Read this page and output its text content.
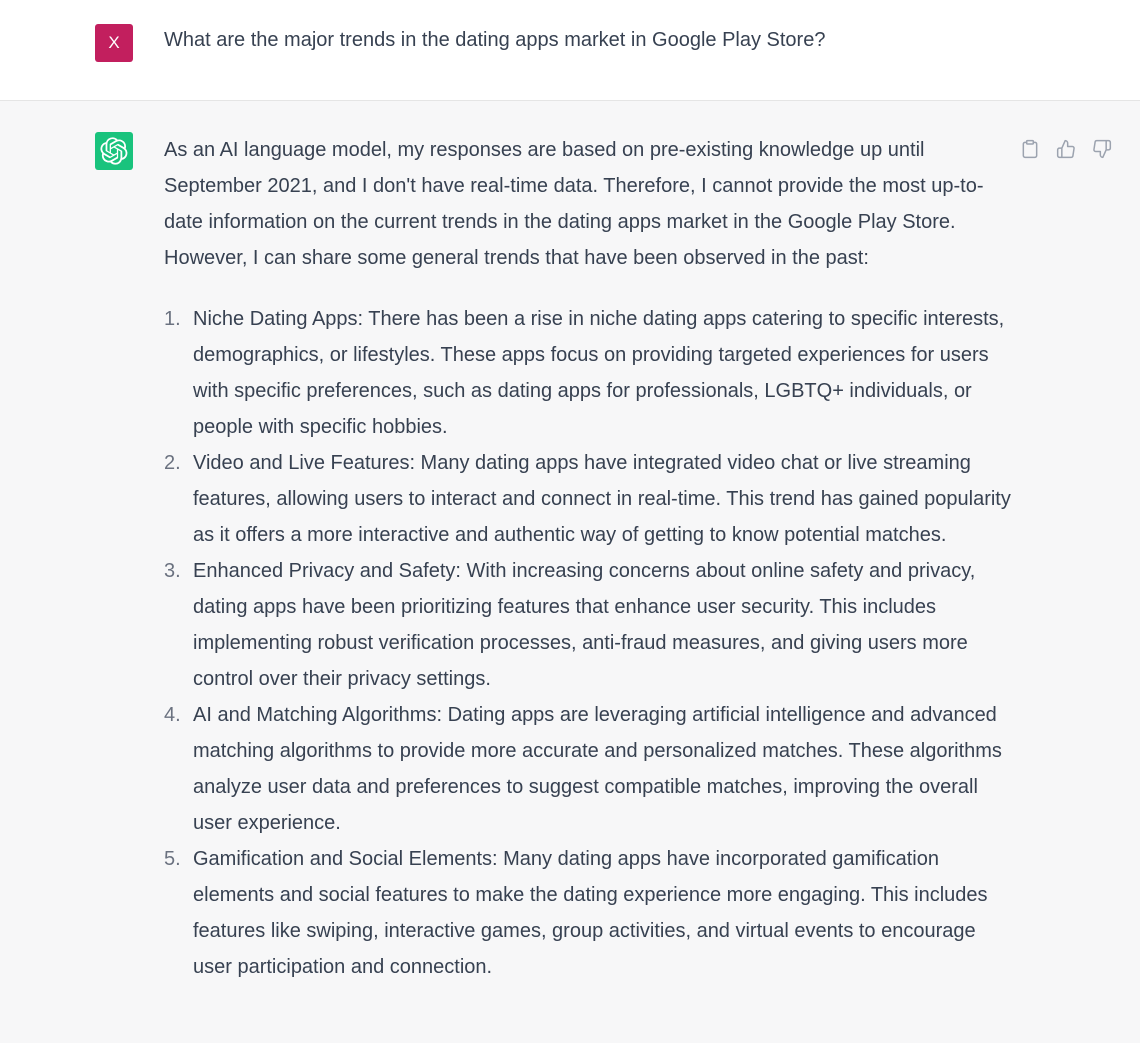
X	What are the major trends in the dating apps market in Google Play Store?

As an AI language model, my responses are based on pre-existing knowledge up until September 2021, and I don't have real-time data. Therefore, I cannot provide the most up-to-date information on the current trends in the dating apps market in the Google Play Store. However, I can share some general trends that have been observed in the past:

1. Niche Dating Apps: There has been a rise in niche dating apps catering to specific interests, demographics, or lifestyles. These apps focus on providing targeted experiences for users with specific preferences, such as dating apps for professionals, LGBTQ+ individuals, or people with specific hobbies.
2. Video and Live Features: Many dating apps have integrated video chat or live streaming features, allowing users to interact and connect in real-time. This trend has gained popularity as it offers a more interactive and authentic way of getting to know potential matches.
3. Enhanced Privacy and Safety: With increasing concerns about online safety and privacy, dating apps have been prioritizing features that enhance user security. This includes implementing robust verification processes, anti-fraud measures, and giving users more control over their privacy settings.
4. AI and Matching Algorithms: Dating apps are leveraging artificial intelligence and advanced matching algorithms to provide more accurate and personalized matches. These algorithms analyze user data and preferences to suggest compatible matches, improving the overall user experience.
5. Gamification and Social Elements: Many dating apps have incorporated gamification elements and social features to make the dating experience more engaging. This includes features like swiping, interactive games, group activities, and virtual events to encourage user participation and connection.
